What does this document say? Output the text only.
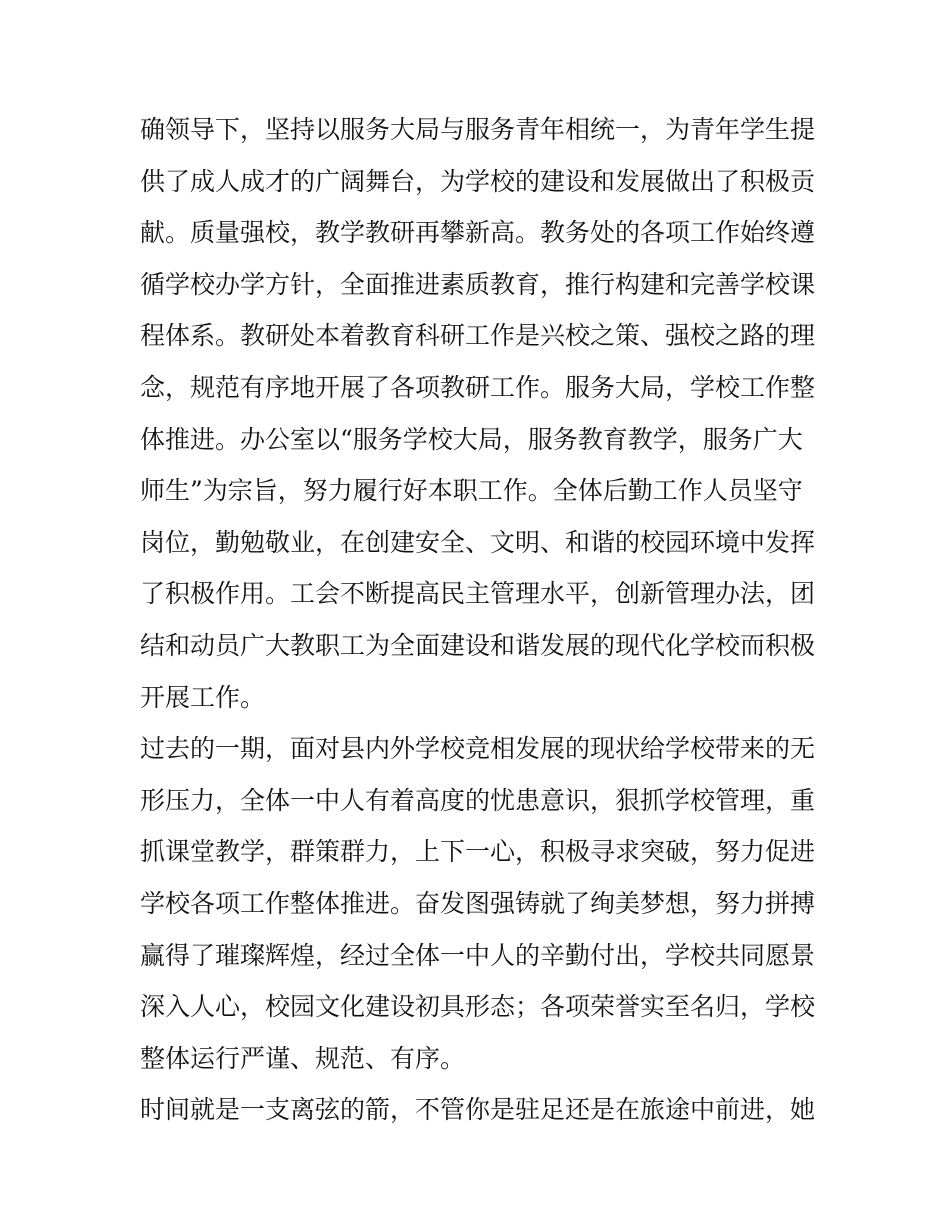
确领导下，坚持以服务大局与服务青年相统一，为青年学生提
供了成人成才的广阔舞台，为学校的建设和发展做出了积极贡
献。质量强校，教学教研再攀新高。教务处的各项工作始终遵
循学校办学方针，全面推进素质教育，推行构建和完善学校课
程体系。教研处本着教育科研工作是兴校之策、强校之路的理
念，规范有序地开展了各项教研工作。服务大局，学校工作整
体推进。办公室以“服务学校大局，服务教育教学，服务广大
师生”为宗旨，努力履行好本职工作。全体后勤工作人员坚守
岗位，勤勉敬业，在创建安全、文明、和谐的校园环境中发挥
了积极作用。工会不断提高民主管理水平，创新管理办法，团
结和动员广大教职工为全面建设和谐发展的现代化学校而积极
开展工作。
过去的一期，面对县内外学校竞相发展的现状给学校带来的无
形压力，全体一中人有着高度的忧患意识，狠抓学校管理，重
抓课堂教学，群策群力，上下一心，积极寻求突破，努力促进
学校各项工作整体推进。奋发图强铸就了绚美梦想，努力拼搏
赢得了璀璨辉煌，经过全体一中人的辛勤付出，学校共同愿景
深入人心，校园文化建设初具形态；各项荣誉实至名归，学校
整体运行严谨、规范、有序。
时间就是一支离弦的箭，不管你是驻足还是在旅途中前进，她
